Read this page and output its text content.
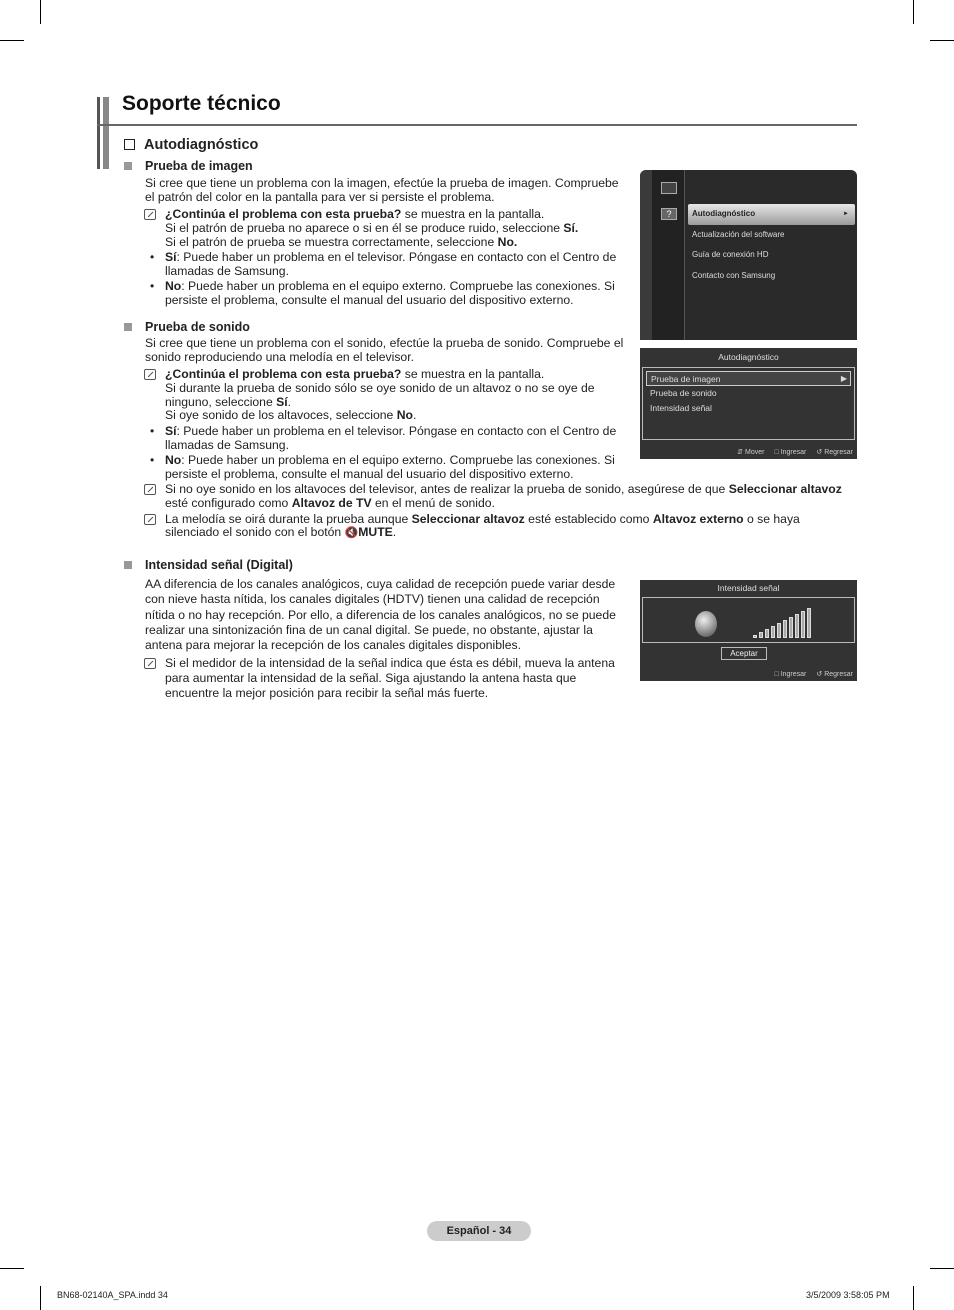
Soporte técnico
Autodiagnóstico
Prueba de imagen
Si cree que tiene un problema con la imagen, efectúe la prueba de imagen. Compruebe
el patrón del color en la pantalla para ver si persiste el problema.
¿Continúa el problema con esta prueba? se muestra en la pantalla.
Si el patrón de prueba no aparece o si en él se produce ruido, seleccione Sí.
Si el patrón de prueba se muestra correctamente, seleccione No.
• Sí: Puede haber un problema en el televisor. Póngase en contacto con el Centro de
llamadas de Samsung.
• No: Puede haber un problema en el equipo externo. Compruebe las conexiones. Si
persiste el problema, consulte el manual del usuario del dispositivo externo.
Prueba de sonido
Si cree que tiene un problema con el sonido, efectúe la prueba de sonido. Compruebe el
sonido reproduciendo una melodía en el televisor.
¿Continúa el problema con esta prueba? se muestra en la pantalla.
Si durante la prueba de sonido sólo se oye sonido de un altavoz o no se oye de
ninguno, seleccione Sí.
Si oye sonido de los altavoces, seleccione No.
• Sí: Puede haber un problema en el televisor. Póngase en contacto con el Centro de
llamadas de Samsung.
• No: Puede haber un problema en el equipo externo. Compruebe las conexiones. Si
persiste el problema, consulte el manual del usuario del dispositivo externo.
Si no oye sonido en los altavoces del televisor, antes de realizar la prueba de sonido, asegúrese de que Seleccionar altavoz
esté configurado como Altavoz de TV en el menú de sonido.
La melodía se oirá durante la prueba aunque Seleccionar altavoz esté establecido como Altavoz externo o se haya
silenciado el sonido con el botón 🔇MUTE.
Intensidad señal (Digital)
AA diferencia de los canales analógicos, cuya calidad de recepción puede variar desde
con nieve hasta nítida, los canales digitales (HDTV) tienen una calidad de recepción
nítida o no hay recepción. Por ello, a diferencia de los canales analógicos, no se puede
realizar una sintonización fina de un canal digital. Se puede, no obstante, ajustar la
antena para mejorar la recepción de los canales digitales disponibles.
Si el medidor de la intensidad de la señal indica que ésta es débil, mueva la antena
para aumentar la intensidad de la señal. Siga ajustando la antena hasta que
encuentre la mejor posición para recibir la señal más fuerte.
?	Autodiagnóstico	►
Actualización del software
Guía de conexión HD
Contacto con Samsung
Autodiagnóstico
Prueba de imagen	▶
Prueba de sonido
Intensidad señal
⇵ Mover □ Ingresar ↺ Regresar
Intensidad señal
Aceptar
□ Ingresar ↺ Regresar
Español - 34
BN68-02140A_SPA.indd 34	3/5/2009 3:58:05 PM
